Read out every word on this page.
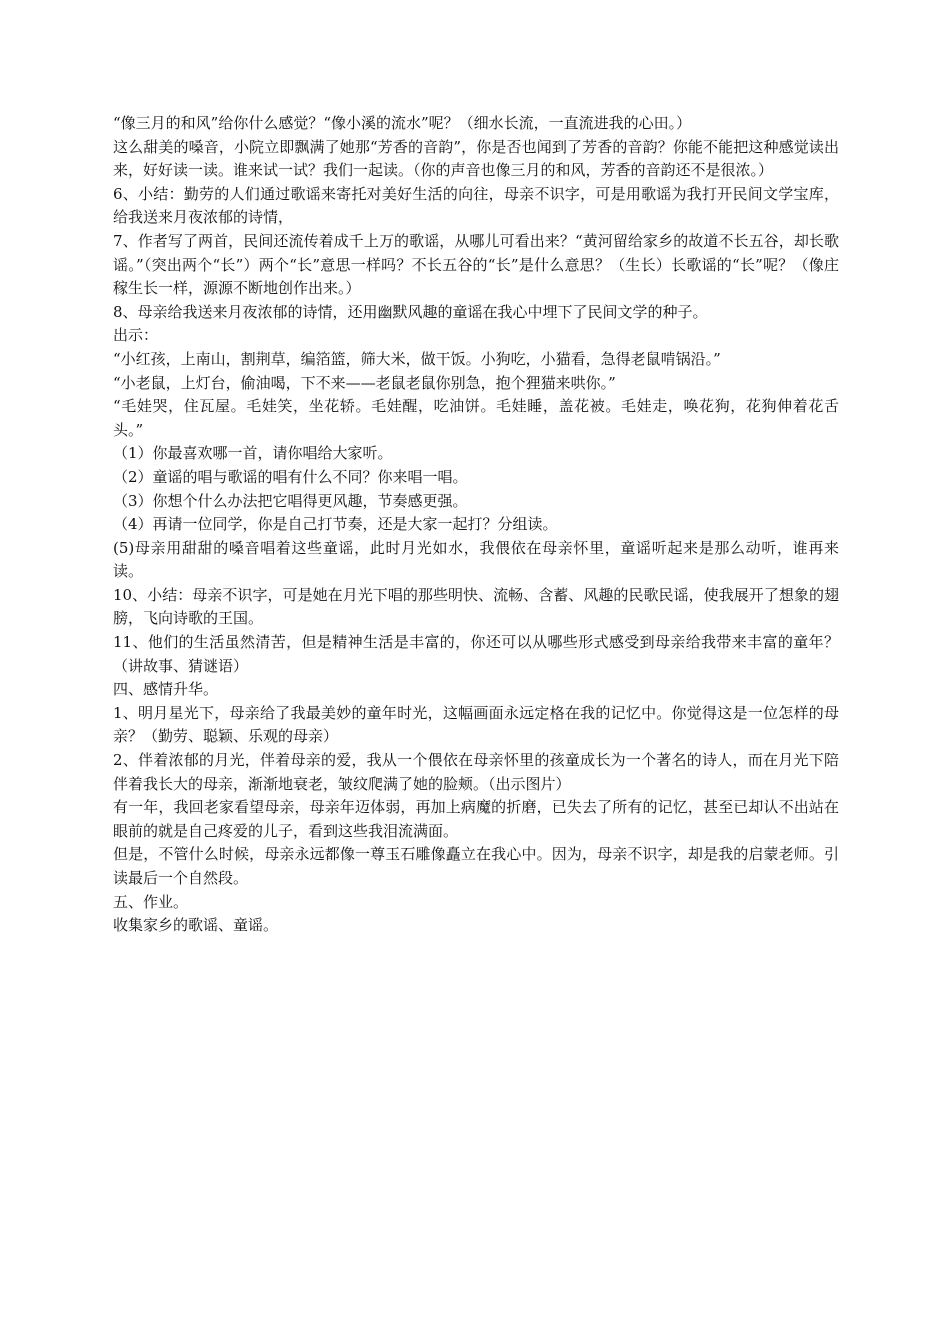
“像三月的和风”给你什么感觉？“像小溪的流水”呢？（细水长流，一直流进我的心田。）

这么甜美的嗓音，小院立即飘满了她那“芳香的音韵”，你是否也闻到了芳香的音韵？你能不能把这种感觉读出来，好好读一读。谁来试一试？我们一起读。（你的声音也像三月的和风，芳香的音韵还不是很浓。）

6、小结：勤劳的人们通过歌谣来寄托对美好生活的向往，母亲不识字，可是用歌谣为我打开民间文学宝库，给我送来月夜浓郁的诗情，

7、作者写了两首，民间还流传着成千上万的歌谣，从哪儿可看出来？“黄河留给家乡的故道不长五谷，却长歌谣。”（突出两个“长”）两个“长”意思一样吗？不长五谷的“长”是什么意思？（生长）长歌谣的“长”呢？（像庄稼生长一样，源源不断地创作出来。）

8、母亲给我送来月夜浓郁的诗情，还用幽默风趣的童谣在我心中埋下了民间文学的种子。

出示：

“小红孩，上南山，割荆草，编箔篮，筛大米，做干饭。小狗吃，小猫看，急得老鼠啃锅沿。”

“小老鼠，上灯台，偷油喝，下不来——老鼠老鼠你别急，抱个狸猫来哄你。”

“毛娃哭，住瓦屋。毛娃笑，坐花轿。毛娃醒，吃油饼。毛娃睡，盖花被。毛娃走，唤花狗，花狗伸着花舌头。”

（1）你最喜欢哪一首，请你唱给大家听。

（2）童谣的唱与歌谣的唱有什么不同？你来唱一唱。

（3）你想个什么办法把它唱得更风趣，节奏感更强。

（4）再请一位同学，你是自己打节奏，还是大家一起打？分组读。

(5)母亲用甜甜的嗓音唱着这些童谣，此时月光如水，我偎依在母亲怀里，童谣听起来是那么动听，谁再来读。

10、小结：母亲不识字，可是她在月光下唱的那些明快、流畅、含蓄、风趣的民歌民谣，使我展开了想象的翅膀，飞向诗歌的王国。

11、他们的生活虽然清苦，但是精神生活是丰富的，你还可以从哪些形式感受到母亲给我带来丰富的童年？（讲故事、猜谜语）

四、感情升华。

1、明月星光下，母亲给了我最美妙的童年时光，这幅画面永远定格在我的记忆中。你觉得这是一位怎样的母亲？（勤劳、聪颖、乐观的母亲）

2、伴着浓郁的月光，伴着母亲的爱，我从一个偎依在母亲怀里的孩童成长为一个著名的诗人，而在月光下陪伴着我长大的母亲，渐渐地衰老，皱纹爬满了她的脸颊。（出示图片）

有一年，我回老家看望母亲，母亲年迈体弱，再加上病魔的折磨，已失去了所有的记忆，甚至已却认不出站在眼前的就是自己疼爱的儿子，看到这些我泪流满面。

但是，不管什么时候，母亲永远都像一尊玉石雕像矗立在我心中。因为，母亲不识字，却是我的启蒙老师。引读最后一个自然段。

五、作业。

收集家乡的歌谣、童谣。
